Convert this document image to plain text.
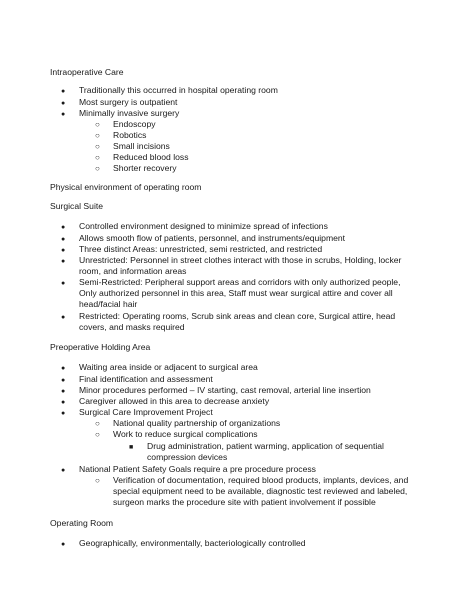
Intraoperative Care
●	Traditionally this occurred in hospital operating room
●	Most surgery is outpatient
●	Minimally invasive surgery
○	Endoscopy
○	Robotics
○	Small incisions
○	Reduced blood loss
○	Shorter recovery
Physical environment of operating room
Surgical Suite
●	Controlled environment designed to minimize spread of infections
●	Allows smooth flow of patients, personnel, and instruments/equipment
●	Three distinct Areas: unrestricted, semi restricted, and restricted
●	Unrestricted: Personnel in street clothes interact with those in scrubs, Holding, locker room, and information areas
●	Semi-Restricted: Peripheral support areas and corridors with only authorized people, Only authorized personnel in this area, Staff must wear surgical attire and cover all head/facial hair
●	Restricted: Operating rooms, Scrub sink areas and clean core, Surgical attire, head covers, and masks required
Preoperative Holding Area
●	Waiting area inside or adjacent to surgical area
●	Final identification and assessment
●	Minor procedures performed – IV starting, cast removal, arterial line insertion
●	Caregiver allowed in this area to decrease anxiety
●	Surgical Care Improvement Project
○	National quality partnership of organizations
○	Work to reduce surgical complications
■	Drug administration, patient warming, application of sequential compression devices
●	National Patient Safety Goals require a pre procedure process
○	Verification of documentation, required blood products, implants, devices, and special equipment need to be available, diagnostic test reviewed and labeled, surgeon marks the procedure site with patient involvement if possible
Operating Room
●	Geographically, environmentally, bacteriologically controlled
